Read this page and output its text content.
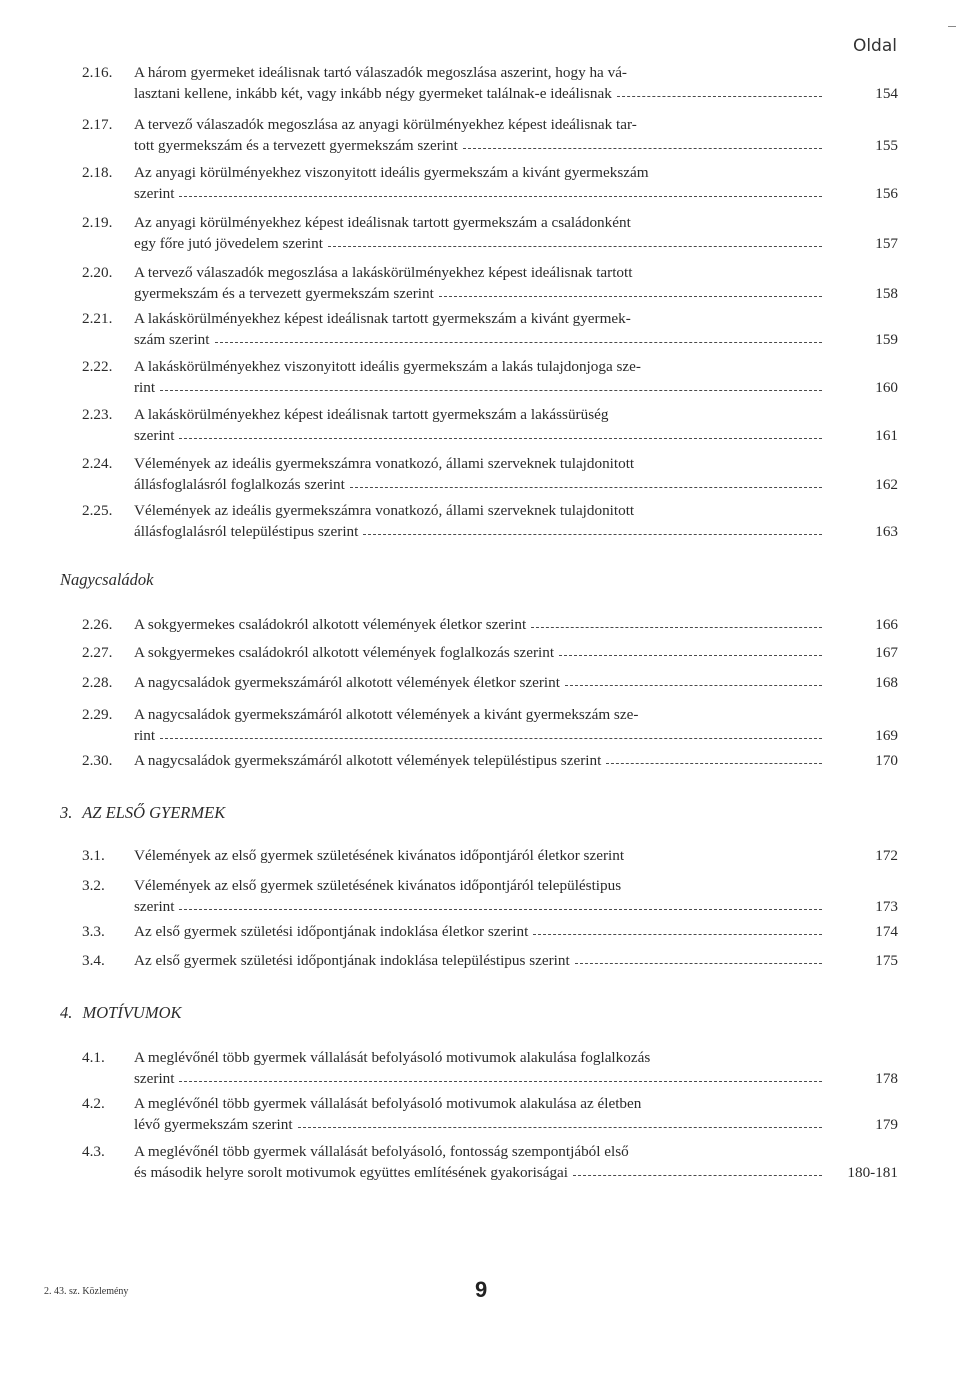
Oldal
2.16.	A három gyermeket ideálisnak tartó válaszadók megoszlása aszerint, hogy ha vá-
lasztani kellene, inkább két, vagy inkább négy gyermeket találnak-e ideálisnak	154
2.17.	A tervező válaszadók megoszlása az anyagi körülményekhez képest ideálisnak tar-
tott gyermekszám és a tervezett gyermekszám szerint	155
2.18.	Az anyagi körülményekhez viszonyitott ideális gyermekszám a kivánt gyermekszám
szerint	156
2.19.	Az anyagi körülményekhez képest ideálisnak tartott gyermekszám a családonként
egy főre jutó jövedelem szerint	157
2.20.	A tervező válaszadók megoszlása a lakáskörülményekhez képest ideálisnak tartott
gyermekszám és a tervezett gyermekszám szerint	158
2.21.	A lakáskörülményekhez képest ideálisnak tartott gyermekszám a kivánt gyermek-
szám szerint	159
2.22.	A lakáskörülményekhez viszonyitott ideális gyermekszám a lakás tulajdonjoga sze-
rint	160
2.23.	A lakáskörülményekhez képest ideálisnak tartott gyermekszám a lakássürüség
szerint	161
2.24.	Vélemények az ideális gyermekszámra vonatkozó, állami szerveknek tulajdonitott
állásfoglalásról foglalkozás szerint	162
2.25.	Vélemények az ideális gyermekszámra vonatkozó, állami szerveknek tulajdonitott
állásfoglalásról településtipus szerint	163
Nagycsaládok
2.26.	A sokgyermekes családokról alkotott vélemények életkor szerint	166
2.27.	A sokgyermekes családokról alkotott vélemények foglalkozás szerint	167
2.28.	A nagycsaládok gyermekszámáról alkotott vélemények életkor szerint	168
2.29.	A nagycsaládok gyermekszámáról alkotott vélemények a kivánt gyermekszám sze-
rint	169
2.30.	A nagycsaládok gyermekszámáról alkotott vélemények településtipus szerint	170
3. AZ ELSŐ GYERMEK
3.1.	Vélemények az első gyermek születésének kivánatos időpontjáról életkor szerint	172
3.2.	Vélemények az első gyermek születésének kivánatos időpontjáról településtipus
szerint	173
3.3.	Az első gyermek születési időpontjának indoklása életkor szerint	174
3.4.	Az első gyermek születési időpontjának indoklása településtipus szerint	175
4. MOTÍVUMOK
4.1.	A meglévőnél több gyermek vállalását befolyásoló motivumok alakulása foglalkozás
szerint	178
4.2.	A meglévőnél több gyermek vállalását befolyásoló motivumok alakulása az életben
lévő gyermekszám szerint	179
4.3.	A meglévőnél több gyermek vállalását befolyásoló, fontosság szempontjából első
és második helyre sorolt motivumok együttes említésének gyakoriságai	180-181
2. 43. sz. Közlemény	9
